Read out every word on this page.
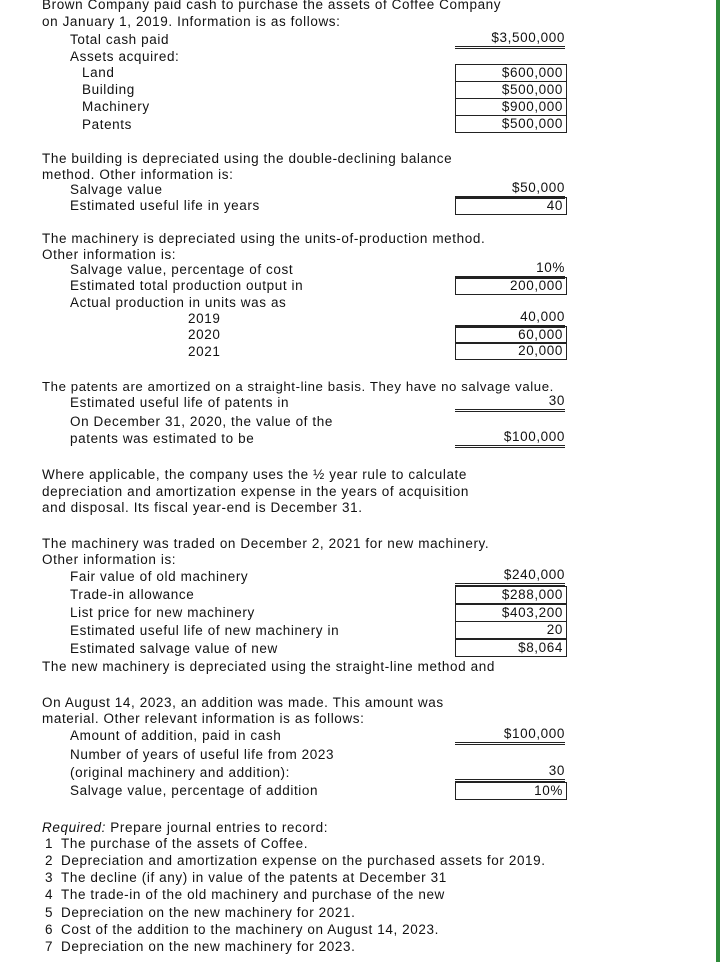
Brown Company paid cash to purchase the assets of Coffee Company
on January 1, 2019. Information is as follows:
Total cash paid	$3,500,000
Assets acquired:
Land	$600,000
Building	$500,000
Machinery	$900,000
Patents	$500,000
The building is depreciated using the double-declining balance
method. Other information is:
Salvage value	$50,000
Estimated useful life in years	40
The machinery is depreciated using the units-of-production method.
Other information is:
Salvage value, percentage of cost	10%
Estimated total production output in	200,000
Actual production in units was as
2019	40,000
2020	60,000
2021	20,000
The patents are amortized on a straight-line basis. They have no salvage value.
Estimated useful life of patents in	30
On December 31, 2020, the value of the
patents was estimated to be	$100,000
Where applicable, the company uses the ½ year rule to calculate
depreciation and amortization expense in the years of acquisition
and disposal. Its fiscal year-end is December 31.
The machinery was traded on December 2, 2021 for new machinery.
Other information is:
Fair value of old machinery	$240,000
Trade-in allowance	$288,000
List price for new machinery	$403,200
Estimated useful life of new machinery in	20
Estimated salvage value of new	$8,064
The new machinery is depreciated using the straight-line method and
On August 14, 2023, an addition was made. This amount was
material. Other relevant information is as follows:
Amount of addition, paid in cash	$100,000
Number of years of useful life from 2023
(original machinery and addition):	30
Salvage value, percentage of addition	10%
Required: Prepare journal entries to record:
1 The purchase of the assets of Coffee.
2 Depreciation and amortization expense on the purchased assets for 2019.
3 The decline (if any) in value of the patents at December 31
4 The trade-in of the old machinery and purchase of the new
5 Depreciation on the new machinery for 2021.
6 Cost of the addition to the machinery on August 14, 2023.
7 Depreciation on the new machinery for 2023.
